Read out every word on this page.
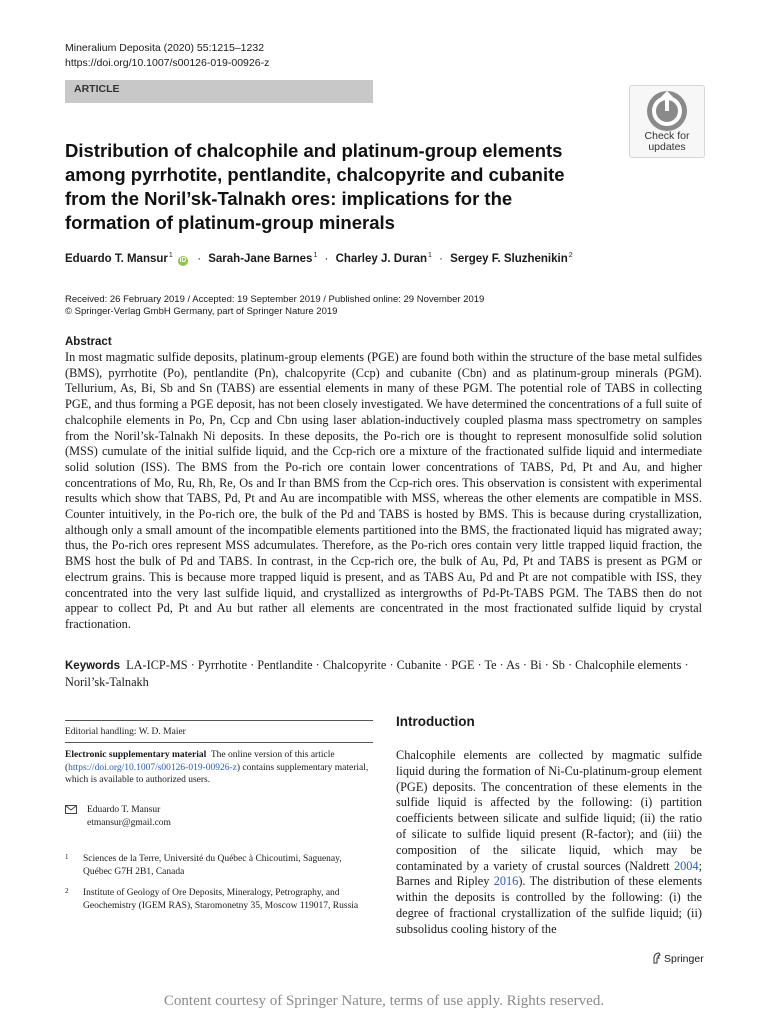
Mineralium Deposita (2020) 55:1215–1232
https://doi.org/10.1007/s00126-019-00926-z
ARTICLE
Check for
updates
Distribution of chalcophile and platinum-group elements among pyrrhotite, pentlandite, chalcopyrite and cubanite from the Noril’sk-Talnakh ores: implications for the formation of platinum-group minerals
Eduardo T. Mansur$^1$ iD · Sarah-Jane Barnes$^1$ · Charley J. Duran$^1$ · Sergey F. Sluzhenikin$^2$
Received: 26 February 2019 / Accepted: 19 September 2019 / Published online: 29 November 2019
© Springer-Verlag GmbH Germany, part of Springer Nature 2019
Abstract

In most magmatic sulfide deposits, platinum-group elements (PGE) are found both within the structure of the base metal sulfides (BMS), pyrrhotite (Po), pentlandite (Pn), chalcopyrite (Ccp) and cubanite (Cbn) and as platinum-group minerals (PGM). Tellurium, As, Bi, Sb and Sn (TABS) are essential elements in many of these PGM. The potential role of TABS in collecting PGE, and thus forming a PGE deposit, has not been closely investigated. We have determined the concentrations of a full suite of chalcophile elements in Po, Pn, Ccp and Cbn using laser ablation-inductively coupled plasma mass spectrometry on samples from the Noril’sk-Talnakh Ni deposits. In these deposits, the Po-rich ore is thought to represent monosulfide solid solution (MSS) cumulate of the initial sulfide liquid, and the Ccp-rich ore a mixture of the fractionated sulfide liquid and intermediate solid solution (ISS). The BMS from the Po-rich ore contain lower concentrations of TABS, Pd, Pt and Au, and higher concentrations of Mo, Ru, Rh, Re, Os and Ir than BMS from the Ccp-rich ores. This observation is consistent with experimental results which show that TABS, Pd, Pt and Au are incompatible with MSS, whereas the other elements are compatible in MSS. Counter intuitively, in the Po-rich ore, the bulk of the Pd and TABS is hosted by BMS. This is because during crystallization, although only a small amount of the incompatible elements partitioned into the BMS, the fractionated liquid has migrated away; thus, the Po-rich ores represent MSS adcumulates. Therefore, as the Po-rich ores contain very little trapped liquid fraction, the BMS host the bulk of Pd and TABS. In contrast, in the Ccp-rich ore, the bulk of Au, Pd, Pt and TABS is present as PGM or electrum grains. This is because more trapped liquid is present, and as TABS Au, Pd and Pt are not compatible with ISS, they concentrated into the very last sulfide liquid, and crystallized as intergrowths of Pd-Pt-TABS PGM. The TABS then do not appear to collect Pd, Pt and Au but rather all elements are concentrated in the most fractionated sulfide liquid by crystal fractionation.

Keywords LA-ICP-MS · Pyrrhotite · Pentlandite · Chalcopyrite · Cubanite · PGE · Te · As · Bi · Sb · Chalcophile elements · Noril’sk-Talnakh

Editorial handling: W. D. Maier

Electronic supplementary material The online version of this article (https://doi.org/10.1007/s00126-019-00926-z) contains supplementary material, which is available to authorized users.

Eduardo T. Mansur
etmansur@gmail.com
1 Sciences de la Terre, Université du Québec à Chicoutimi, Saguenay, Québec G7H 2B1, Canada
2 Institute of Geology of Ore Deposits, Mineralogy, Petrography, and Geochemistry (IGEM RAS), Staromonetny 35, Moscow 119017, Russia
Introduction

Chalcophile elements are collected by magmatic sulfide liquid during the formation of Ni-Cu-platinum-group element (PGE) deposits. The concentration of these elements in the sulfide liquid is affected by the following: (i) partition coefficients between silicate and sulfide liquid; (ii) the ratio of silicate to sulfide liquid present (R-factor); and (iii) the composition of the silicate liquid, which may be contaminated by a variety of crustal sources (Naldrett 2004; Barnes and Ripley 2016). The distribution of these elements within the deposits is controlled by the following: (i) the degree of fractional crystallization of the sulfide liquid; (ii) subsolidus cooling history of the

Springer
Content courtesy of Springer Nature, terms of use apply. Rights reserved.
